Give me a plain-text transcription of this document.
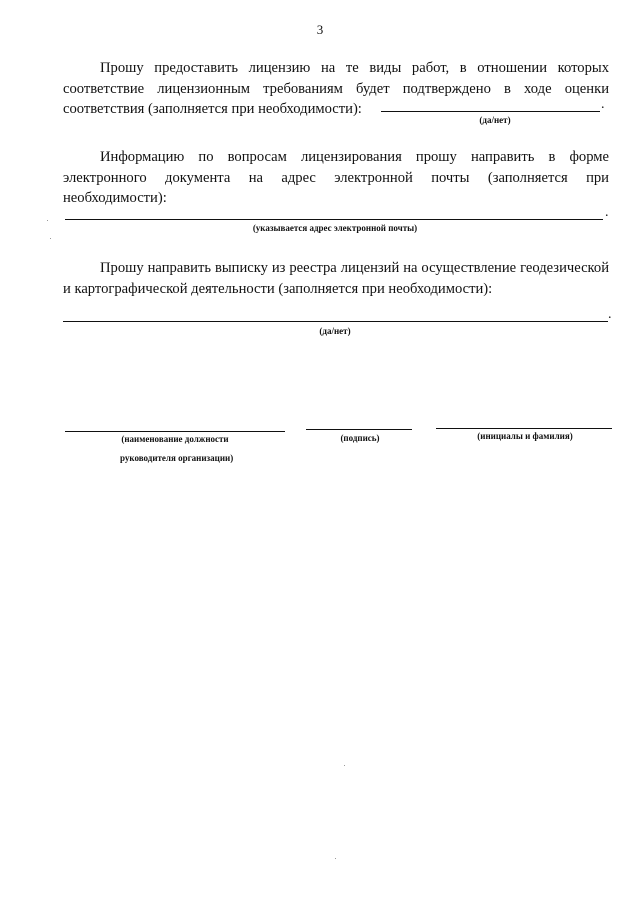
3

Прошу предоставить лицензию на те виды работ, в отношении которых соответствие лицензионным требованиям будет подтверждено в ходе оценки соответствия (заполняется при необходимости):	.
(да/нет)

Информацию по вопросам лицензирования прошу направить в форме электронного документа на адрес электронной почты (заполняется при необходимости):

.
(указывается адрес электронной почты)

Прошу направить выписку из реестра лицензий на осуществление геодезической и картографической деятельности (заполняется при необходимости):

.
(да/нет)
(наименование должности	(подпись)	(инициалы и фамилия)
руководителя организации)
